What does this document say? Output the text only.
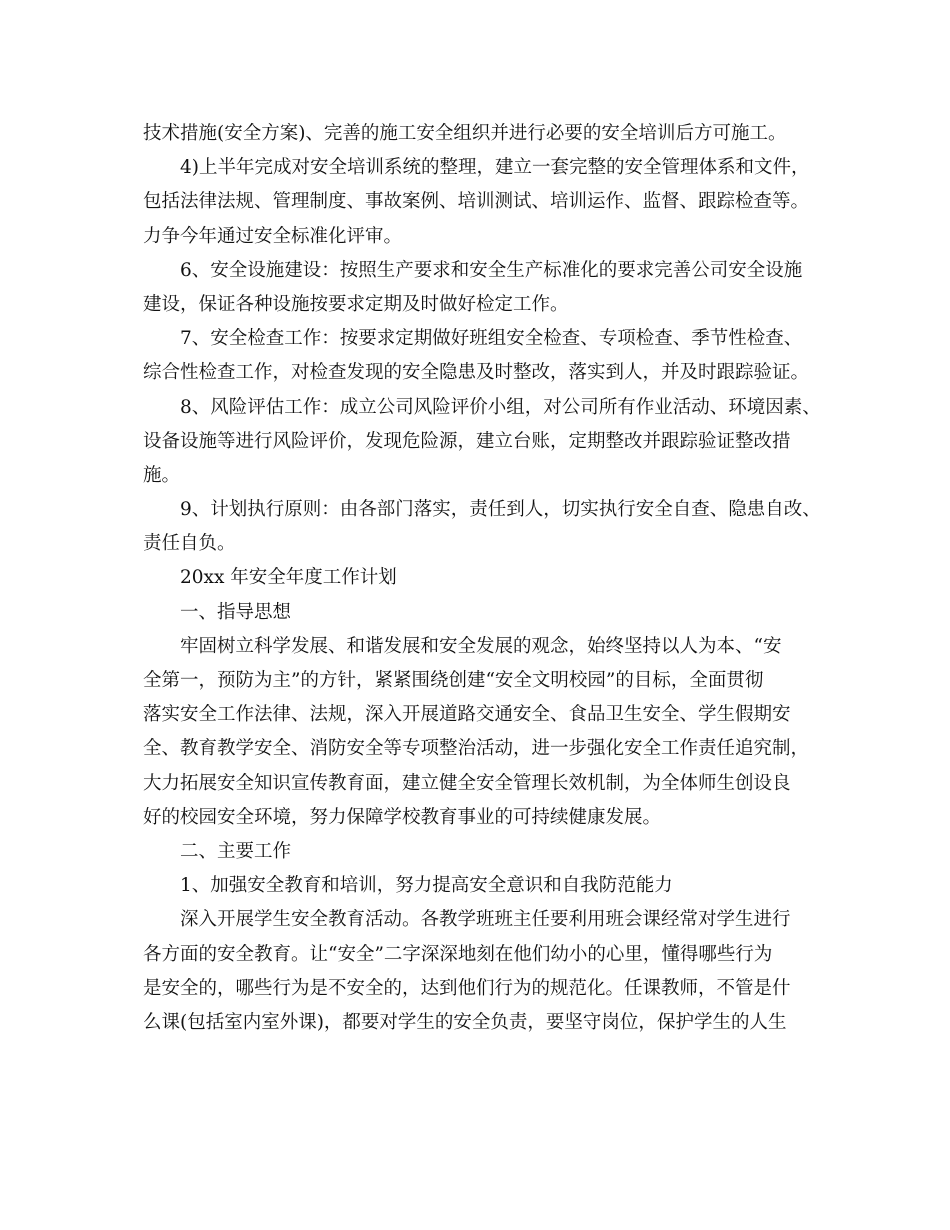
技术措施(安全方案)、完善的施工安全组织并进行必要的安全培训后方可施工。
4)上半年完成对安全培训系统的整理，建立一套完整的安全管理体系和文件，
包括法律法规、管理制度、事故案例、培训测试、培训运作、监督、跟踪检查等。
力争今年通过安全标准化评审。
6、安全设施建设：按照生产要求和安全生产标准化的要求完善公司安全设施
建设，保证各种设施按要求定期及时做好检定工作。
7、安全检查工作：按要求定期做好班组安全检查、专项检查、季节性检查、
综合性检查工作，对检查发现的安全隐患及时整改，落实到人，并及时跟踪验证。
8、风险评估工作：成立公司风险评价小组，对公司所有作业活动、环境因素、
设备设施等进行风险评价，发现危险源，建立台账，定期整改并跟踪验证整改措
施。
9、计划执行原则：由各部门落实，责任到人，切实执行安全自查、隐患自改、
责任自负。
20xx 年安全年度工作计划
一、指导思想
牢固树立科学发展、和谐发展和安全发展的观念，始终坚持以人为本、“安
全第一，预防为主”的方针，紧紧围绕创建“安全文明校园”的目标，全面贯彻
落实安全工作法律、法规，深入开展道路交通安全、食品卫生安全、学生假期安
全、教育教学安全、消防安全等专项整治活动，进一步强化安全工作责任追究制，
大力拓展安全知识宣传教育面，建立健全安全管理长效机制，为全体师生创设良
好的校园安全环境，努力保障学校教育事业的可持续健康发展。
二、主要工作
1、加强安全教育和培训，努力提高安全意识和自我防范能力
深入开展学生安全教育活动。各教学班班主任要利用班会课经常对学生进行
各方面的安全教育。让“安全”二字深深地刻在他们幼小的心里，懂得哪些行为
是安全的，哪些行为是不安全的，达到他们行为的规范化。任课教师，不管是什
么课(包括室内室外课)，都要对学生的安全负责，要坚守岗位，保护学生的人生
